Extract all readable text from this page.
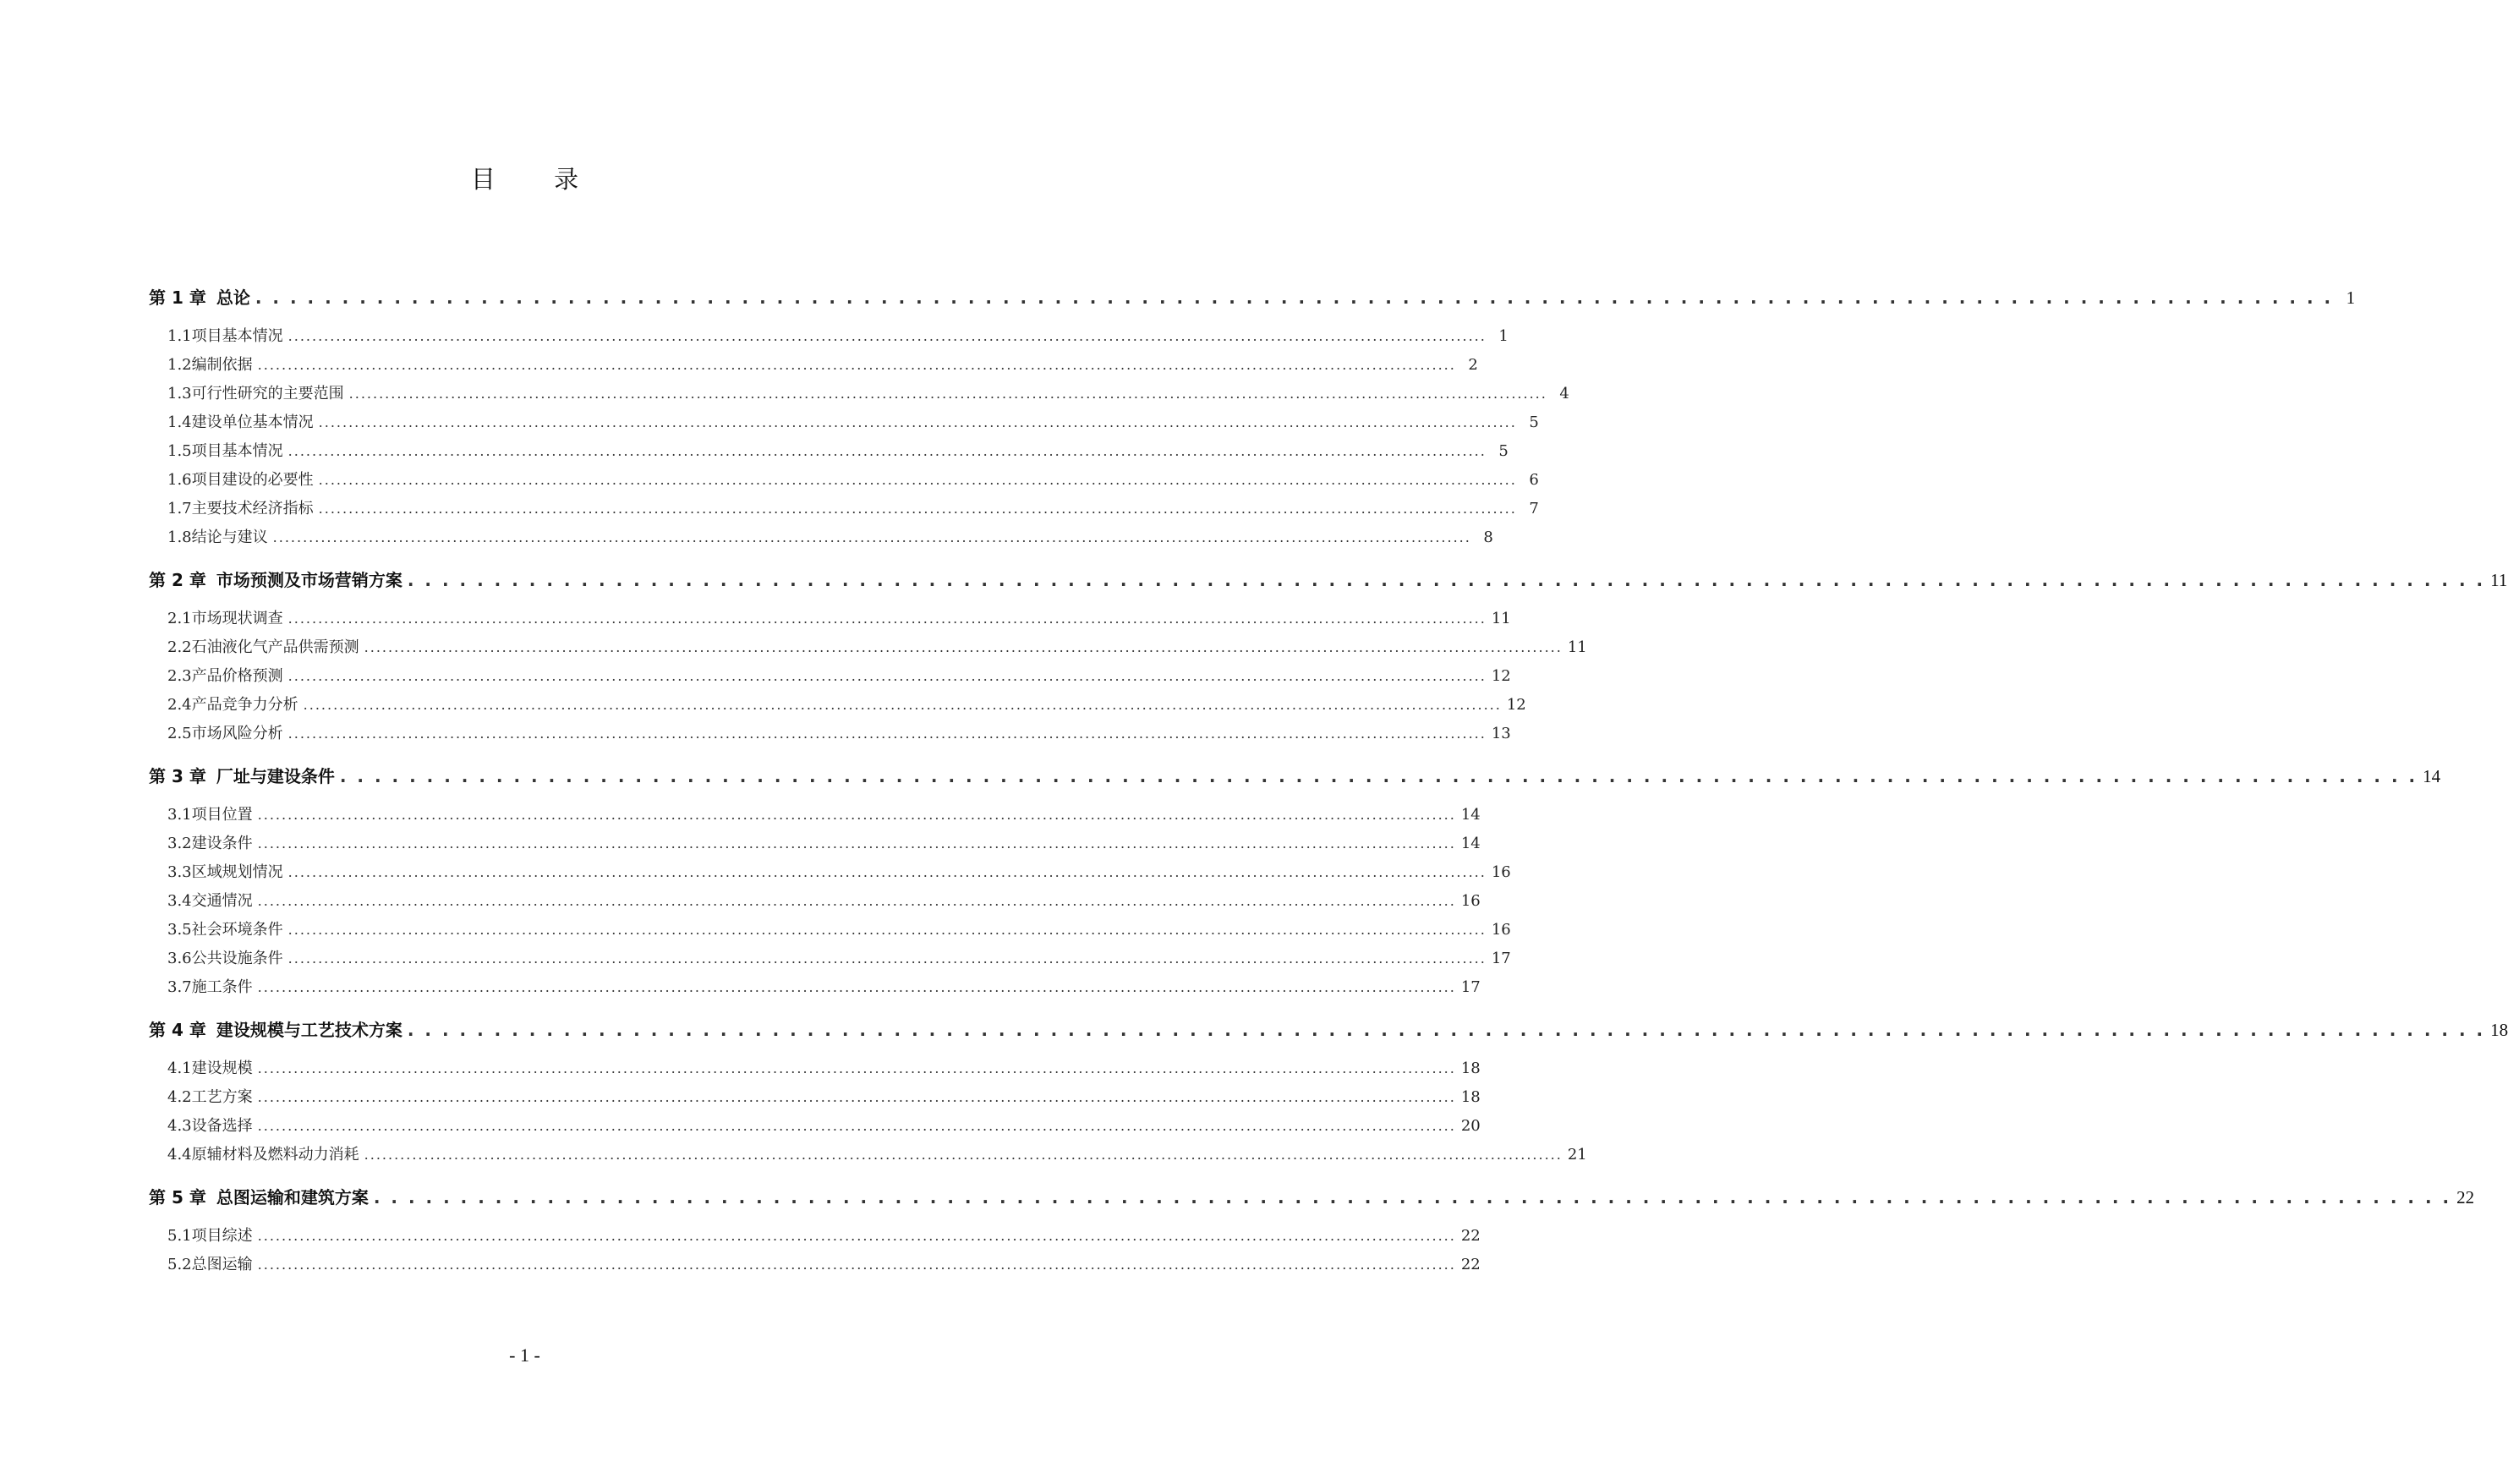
目 录
第 1 章 总论 . . . . . . . . . . . . . . . . . . . . . . . . . . . . . . . . . . . . . . . . . . . . . . . . . . . . . . . . . . . . . . . . . . . . . . . . . . . . . . . . . . . . . . . . . . . . . . . . . . . . . . . . . . . . . . . . . . . . . . . . 1
1.1 项目基本情况 ........................................................................................................................................................................................................ 1
1.2 编制依据 ........................................................................................................................................................................................................ 2
1.3 可行性研究的主要范围 ........................................................................................................................................................................................................ 4
1.4 建设单位基本情况 ........................................................................................................................................................................................................ 5
1.5 项目基本情况 ........................................................................................................................................................................................................ 5
1.6 项目建设的必要性 ........................................................................................................................................................................................................ 6
1.7 主要技术经济指标 ........................................................................................................................................................................................................ 7
1.8 结论与建议 ........................................................................................................................................................................................................ 8
第 2 章 市场预测及市场营销方案 . . . . . . . . . . . . . . . . . . . . . . . . . . . . . . . . . . . . . . . . . . . . . . . . . . . . . . . . . . . . . . . . . . . . . . . . . . . . . . . . . . . . . . . . . . . . . . . . . . . . . . . . . . . . . . . . . . . . . . . . 11
2.1 市场现状调查 ........................................................................................................................................................................................................ 11
2.2 石油液化气产品供需预测 ........................................................................................................................................................................................................ 11
2.3 产品价格预测 ........................................................................................................................................................................................................ 12
2.4 产品竞争力分析 ........................................................................................................................................................................................................ 12
2.5 市场风险分析 ........................................................................................................................................................................................................ 13
第 3 章 厂址与建设条件 . . . . . . . . . . . . . . . . . . . . . . . . . . . . . . . . . . . . . . . . . . . . . . . . . . . . . . . . . . . . . . . . . . . . . . . . . . . . . . . . . . . . . . . . . . . . . . . . . . . . . . . . . . . . . . . . . . . . . . . . 14
3.1 项目位置 ........................................................................................................................................................................................................ 14
3.2 建设条件 ........................................................................................................................................................................................................ 14
3.3 区域规划情况 ........................................................................................................................................................................................................ 16
3.4 交通情况 ........................................................................................................................................................................................................ 16
3.5 社会环境条件 ........................................................................................................................................................................................................ 16
3.6 公共设施条件 ........................................................................................................................................................................................................ 17
3.7 施工条件 ........................................................................................................................................................................................................ 17
第 4 章 建设规模与工艺技术方案 . . . . . . . . . . . . . . . . . . . . . . . . . . . . . . . . . . . . . . . . . . . . . . . . . . . . . . . . . . . . . . . . . . . . . . . . . . . . . . . . . . . . . . . . . . . . . . . . . . . . . . . . . . . . . . . . . . . . . . . . 18
4.1 建设规模 ........................................................................................................................................................................................................ 18
4.2 工艺方案 ........................................................................................................................................................................................................ 18
4.3 设备选择 ........................................................................................................................................................................................................ 20
4.4 原辅材料及燃料动力消耗 ........................................................................................................................................................................................................ 21
第 5 章 总图运输和建筑方案 . . . . . . . . . . . . . . . . . . . . . . . . . . . . . . . . . . . . . . . . . . . . . . . . . . . . . . . . . . . . . . . . . . . . . . . . . . . . . . . . . . . . . . . . . . . . . . . . . . . . . . . . . . . . . . . . . . . . . . . . 22
5.1 项目综述 ........................................................................................................................................................................................................ 22
5.2 总图运输 ........................................................................................................................................................................................................ 22
- 1 -
